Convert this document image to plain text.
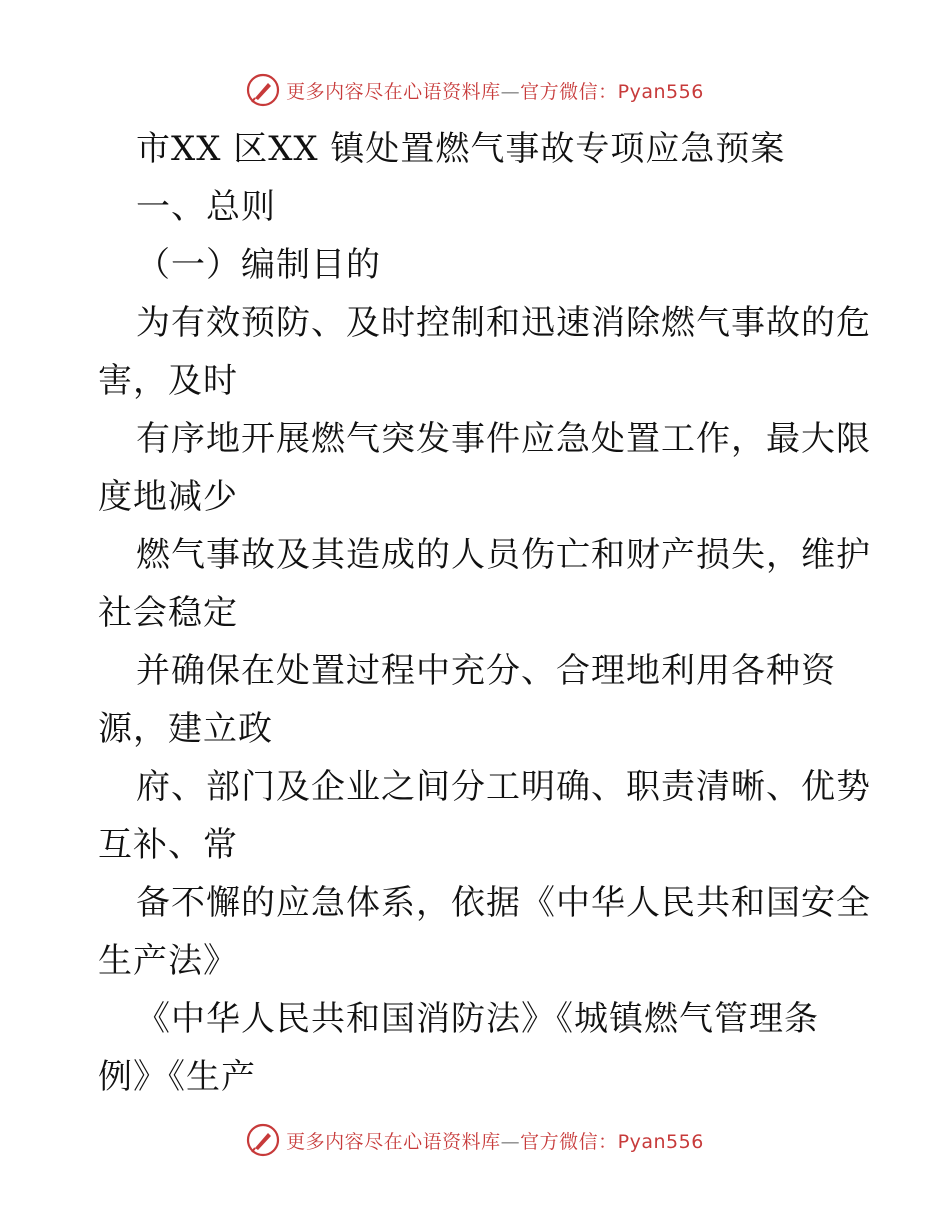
更多内容尽在心语资料库—官方微信：Pyan556
市XX 区XX 镇处置燃气事故专项应急预案
一、总则
（一）编制目的
为有效预防、及时控制和迅速消除燃气事故的危
害，及时
有序地开展燃气突发事件应急处置工作，最大限
度地减少
燃气事故及其造成的人员伤亡和财产损失，维护
社会稳定
并确保在处置过程中充分、合理地利用各种资
源，建立政
府、部门及企业之间分工明确、职责清晰、优势
互补、常
备不懈的应急体系，依据《中华人民共和国安全
生产法》
《中华人民共和国消防法》《城镇燃气管理条
例》《生产
更多内容尽在心语资料库—官方微信：Pyan556
